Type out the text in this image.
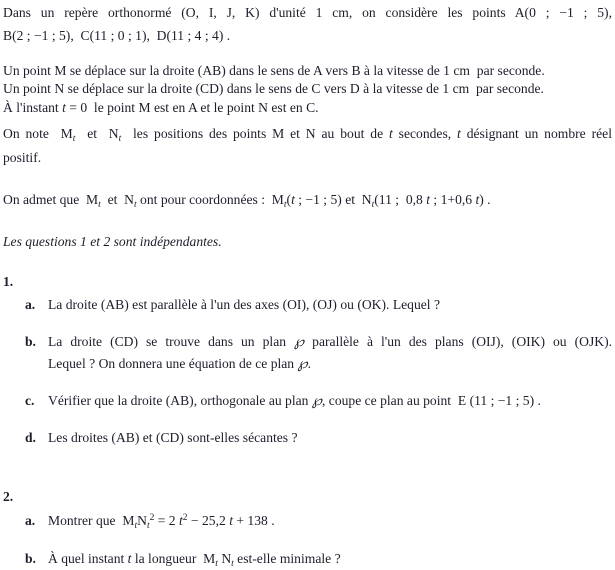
Dans un repère orthonormé (O, I, J, K) d'unité 1 cm, on considère les points A(0 ; −1 ; 5),
B(2 ; −1 ; 5),  C(11 ; 0 ; 1),  D(11 ; 4 ; 4) .
Un point M se déplace sur la droite (AB) dans le sens de A vers B à la vitesse de 1 cm  par seconde.
Un point N se déplace sur la droite (CD) dans le sens de C vers D à la vitesse de 1 cm  par seconde.
À l'instant t = 0  le point M est en A et le point N est en C.
On note  $M_t$  et  $N_t$  les positions des points M et N au bout de t secondes, t désignant un nombre réel
positif.
On admet que  $M_t$  et  $N_t$ ont pour coordonnées :  $M_t(t$ ; −1 ; 5) et  $N_t(11$ ;  0,8 t ; 1+0,6 t) .
Les questions 1 et 2 sont indépendantes.
1.
a. La droite (AB) est parallèle à l'un des axes (OI), (OJ) ou (OK). Lequel ?
b. La droite (CD) se trouve dans un plan ℘ parallèle à l'un des plans (OIJ), (OIK) ou (OJK).
Lequel ? On donnera une équation de ce plan ℘.
c. Vérifier que la droite (AB), orthogonale au plan ℘, coupe ce plan au point  E (11 ; −1 ; 5) .
d. Les droites (AB) et (CD) sont-elles sécantes ?
2.
a. Montrer que  $M_tN_t^2 = 2$ $t^2 - 25,2$ t + 138 .
b. À quel instant t la longueur  $M_t$ $N_t$ est-elle minimale ?
